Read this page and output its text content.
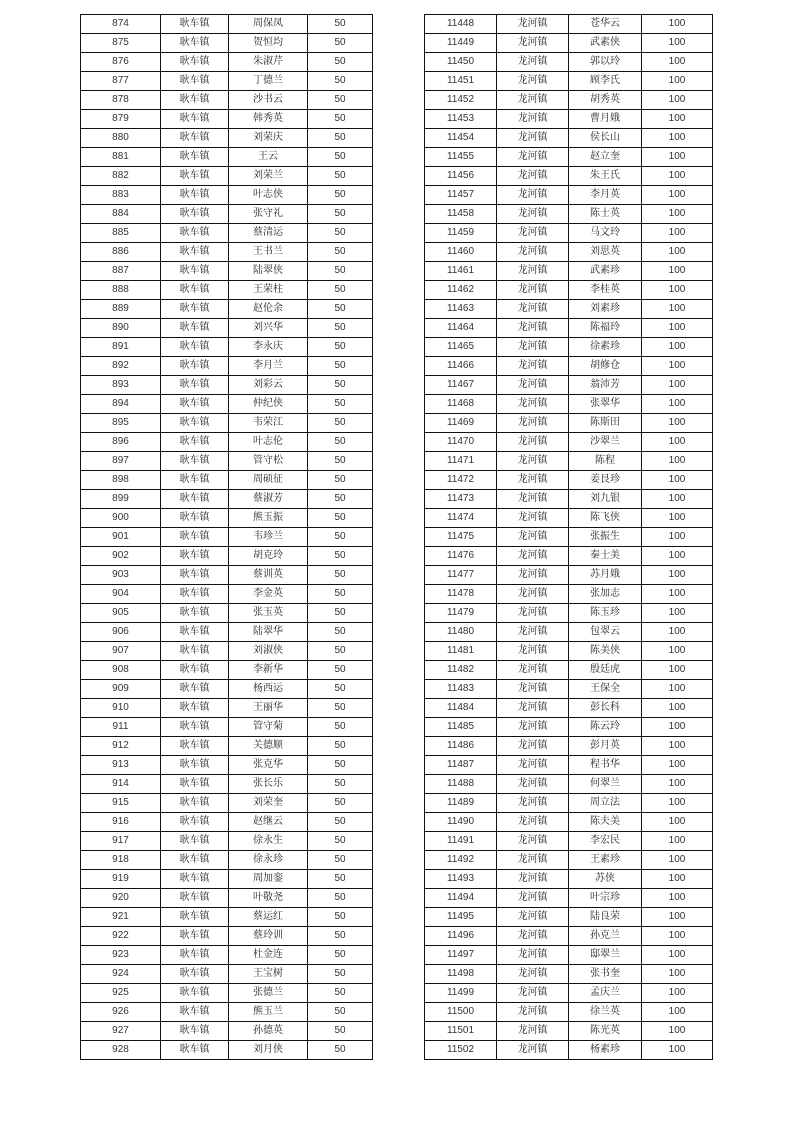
874	耿车镇	周保凤	50
875	耿车镇	贺恒均	50
876	耿车镇	朱淑芹	50
877	耿车镇	丁德兰	50
878	耿车镇	沙书云	50
879	耿车镇	韩秀英	50
880	耿车镇	刘荣庆	50
881	耿车镇	王云	50
882	耿车镇	刘荣兰	50
883	耿车镇	叶志侠	50
884	耿车镇	张守礼	50
885	耿车镇	蔡清运	50
886	耿车镇	王书兰	50
887	耿车镇	陆翠侠	50
888	耿车镇	王荣柱	50
889	耿车镇	赵伦余	50
890	耿车镇	刘兴华	50
891	耿车镇	李永庆	50
892	耿车镇	李月兰	50
893	耿车镇	刘彩云	50
894	耿车镇	仲纪侠	50
895	耿车镇	韦荣江	50
896	耿车镇	叶志伦	50
897	耿车镇	管守松	50
898	耿车镇	周硕征	50
899	耿车镇	蔡淑芳	50
900	耿车镇	熊玉振	50
901	耿车镇	韦珍兰	50
902	耿车镇	胡克玲	50
903	耿车镇	蔡训英	50
904	耿车镇	李金英	50
905	耿车镇	张玉英	50
906	耿车镇	陆翠华	50
907	耿车镇	刘淑侠	50
908	耿车镇	李新华	50
909	耿车镇	杨西运	50
910	耿车镇	王丽华	50
911	耿车镇	管守菊	50
912	耿车镇	关德顺	50
913	耿车镇	张克华	50
914	耿车镇	张长乐	50
915	耿车镇	刘荣奎	50
916	耿车镇	赵继云	50
917	耿车镇	徐永生	50
918	耿车镇	徐永珍	50
919	耿车镇	周加銮	50
920	耿车镇	叶敬尧	50
921	耿车镇	蔡运红	50
922	耿车镇	蔡玲训	50
923	耿车镇	杜金连	50
924	耿车镇	王宝树	50
925	耿车镇	张德兰	50
926	耿车镇	熊玉兰	50
927	耿车镇	孙德英	50
928	耿车镇	刘月侠	50
11448	龙河镇	苍华云	100
11449	龙河镇	武素侠	100
11450	龙河镇	郭以玲	100
11451	龙河镇	顾李氏	100
11452	龙河镇	胡秀英	100
11453	龙河镇	曹月娥	100
11454	龙河镇	侯长山	100
11455	龙河镇	赵立奎	100
11456	龙河镇	朱王氏	100
11457	龙河镇	李月英	100
11458	龙河镇	陈士英	100
11459	龙河镇	马文玲	100
11460	龙河镇	刘思英	100
11461	龙河镇	武素珍	100
11462	龙河镇	李桂英	100
11463	龙河镇	刘素珍	100
11464	龙河镇	陈福玲	100
11465	龙河镇	徐素珍	100
11466	龙河镇	胡修仓	100
11467	龙河镇	翁沛芳	100
11468	龙河镇	张翠华	100
11469	龙河镇	陈斯田	100
11470	龙河镇	沙翠兰	100
11471	龙河镇	陈程	100
11472	龙河镇	姜艮珍	100
11473	龙河镇	刘九银	100
11474	龙河镇	陈飞侠	100
11475	龙河镇	张振生	100
11476	龙河镇	秦士美	100
11477	龙河镇	苏月娥	100
11478	龙河镇	张加志	100
11479	龙河镇	陈玉珍	100
11480	龙河镇	包翠云	100
11481	龙河镇	陈美侠	100
11482	龙河镇	殷廷虎	100
11483	龙河镇	王保全	100
11484	龙河镇	彭长科	100
11485	龙河镇	陈云玲	100
11486	龙河镇	彭月英	100
11487	龙河镇	程书华	100
11488	龙河镇	何翠兰	100
11489	龙河镇	周立法	100
11490	龙河镇	陈夫美	100
11491	龙河镇	李宏民	100
11492	龙河镇	王素珍	100
11493	龙河镇	苏侠	100
11494	龙河镇	叶宗珍	100
11495	龙河镇	陆良荣	100
11496	龙河镇	孙克兰	100
11497	龙河镇	邸翠兰	100
11498	龙河镇	张书奎	100
11499	龙河镇	孟庆兰	100
11500	龙河镇	徐兰英	100
11501	龙河镇	陈光英	100
11502	龙河镇	杨素珍	100
